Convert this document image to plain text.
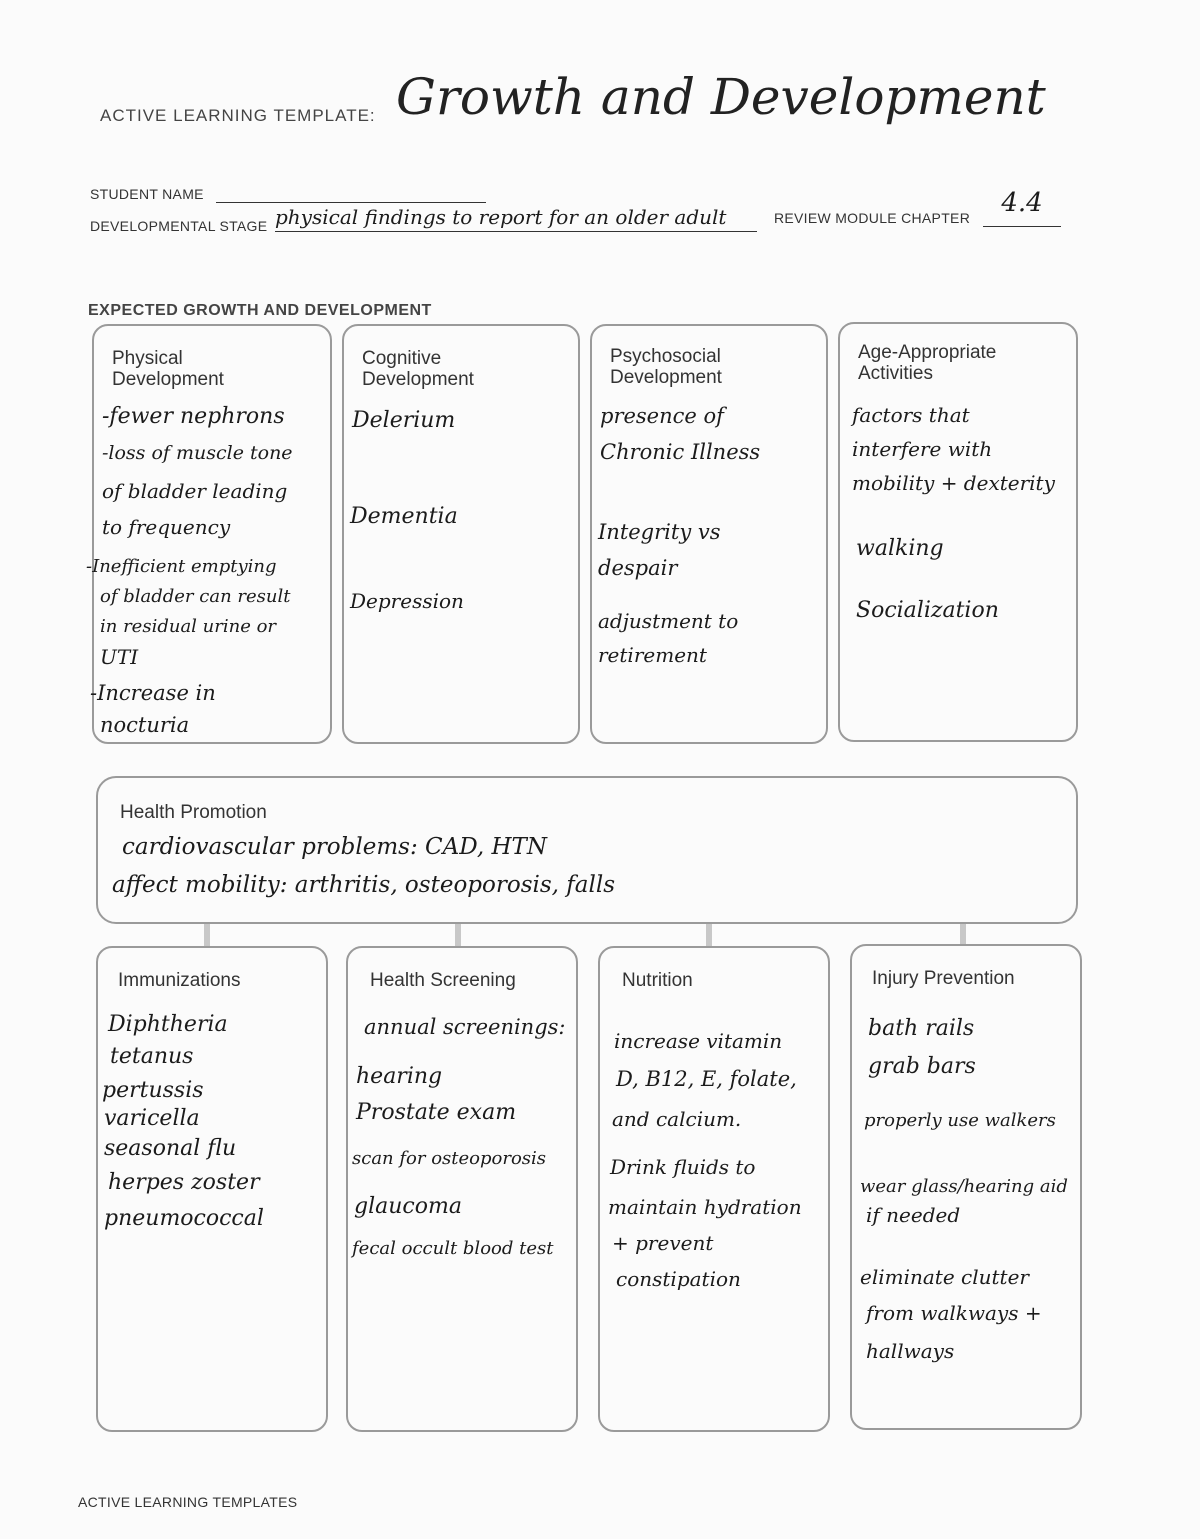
ACTIVE LEARNING TEMPLATE: Growth and Development
STUDENT NAME
DEVELOPMENTAL STAGE physical findings to report for an older adult	REVIEW MODULE CHAPTER	4.4
EXPECTED GROWTH AND DEVELOPMENT
Physical
Development
-fewer nephrons
-loss of muscle tone
of bladder leading
to frequency
-Inefficient emptying
of bladder can result
in residual urine or
UTI
-Increase in
nocturia
Cognitive
Development
Delerium
Dementia
Depression
Psychosocial
Development
presence of
Chronic Illness
Integrity vs
despair
adjustment to
retirement
Age-Appropriate
Activities
factors that
interfere with
mobility + dexterity
walking
Socialization
Health Promotion
cardiovascular problems: CAD, HTN
affect mobility: arthritis, osteoporosis, falls
Immunizations
Diphtheria
tetanus
pertussis
varicella
seasonal flu
herpes zoster
pneumococcal
Health Screening
annual screenings:
hearing
Prostate exam
scan for osteoporosis
glaucoma
fecal occult blood test
Nutrition
increase vitamin
D, B12, E, folate,
and calcium.
Drink fluids to
maintain hydration
+ prevent
constipation
Injury Prevention
bath rails
grab bars
properly use walkers
wear glass/hearing aid
if needed
eliminate clutter
from walkways +
hallways
ACTIVE LEARNING TEMPLATES
